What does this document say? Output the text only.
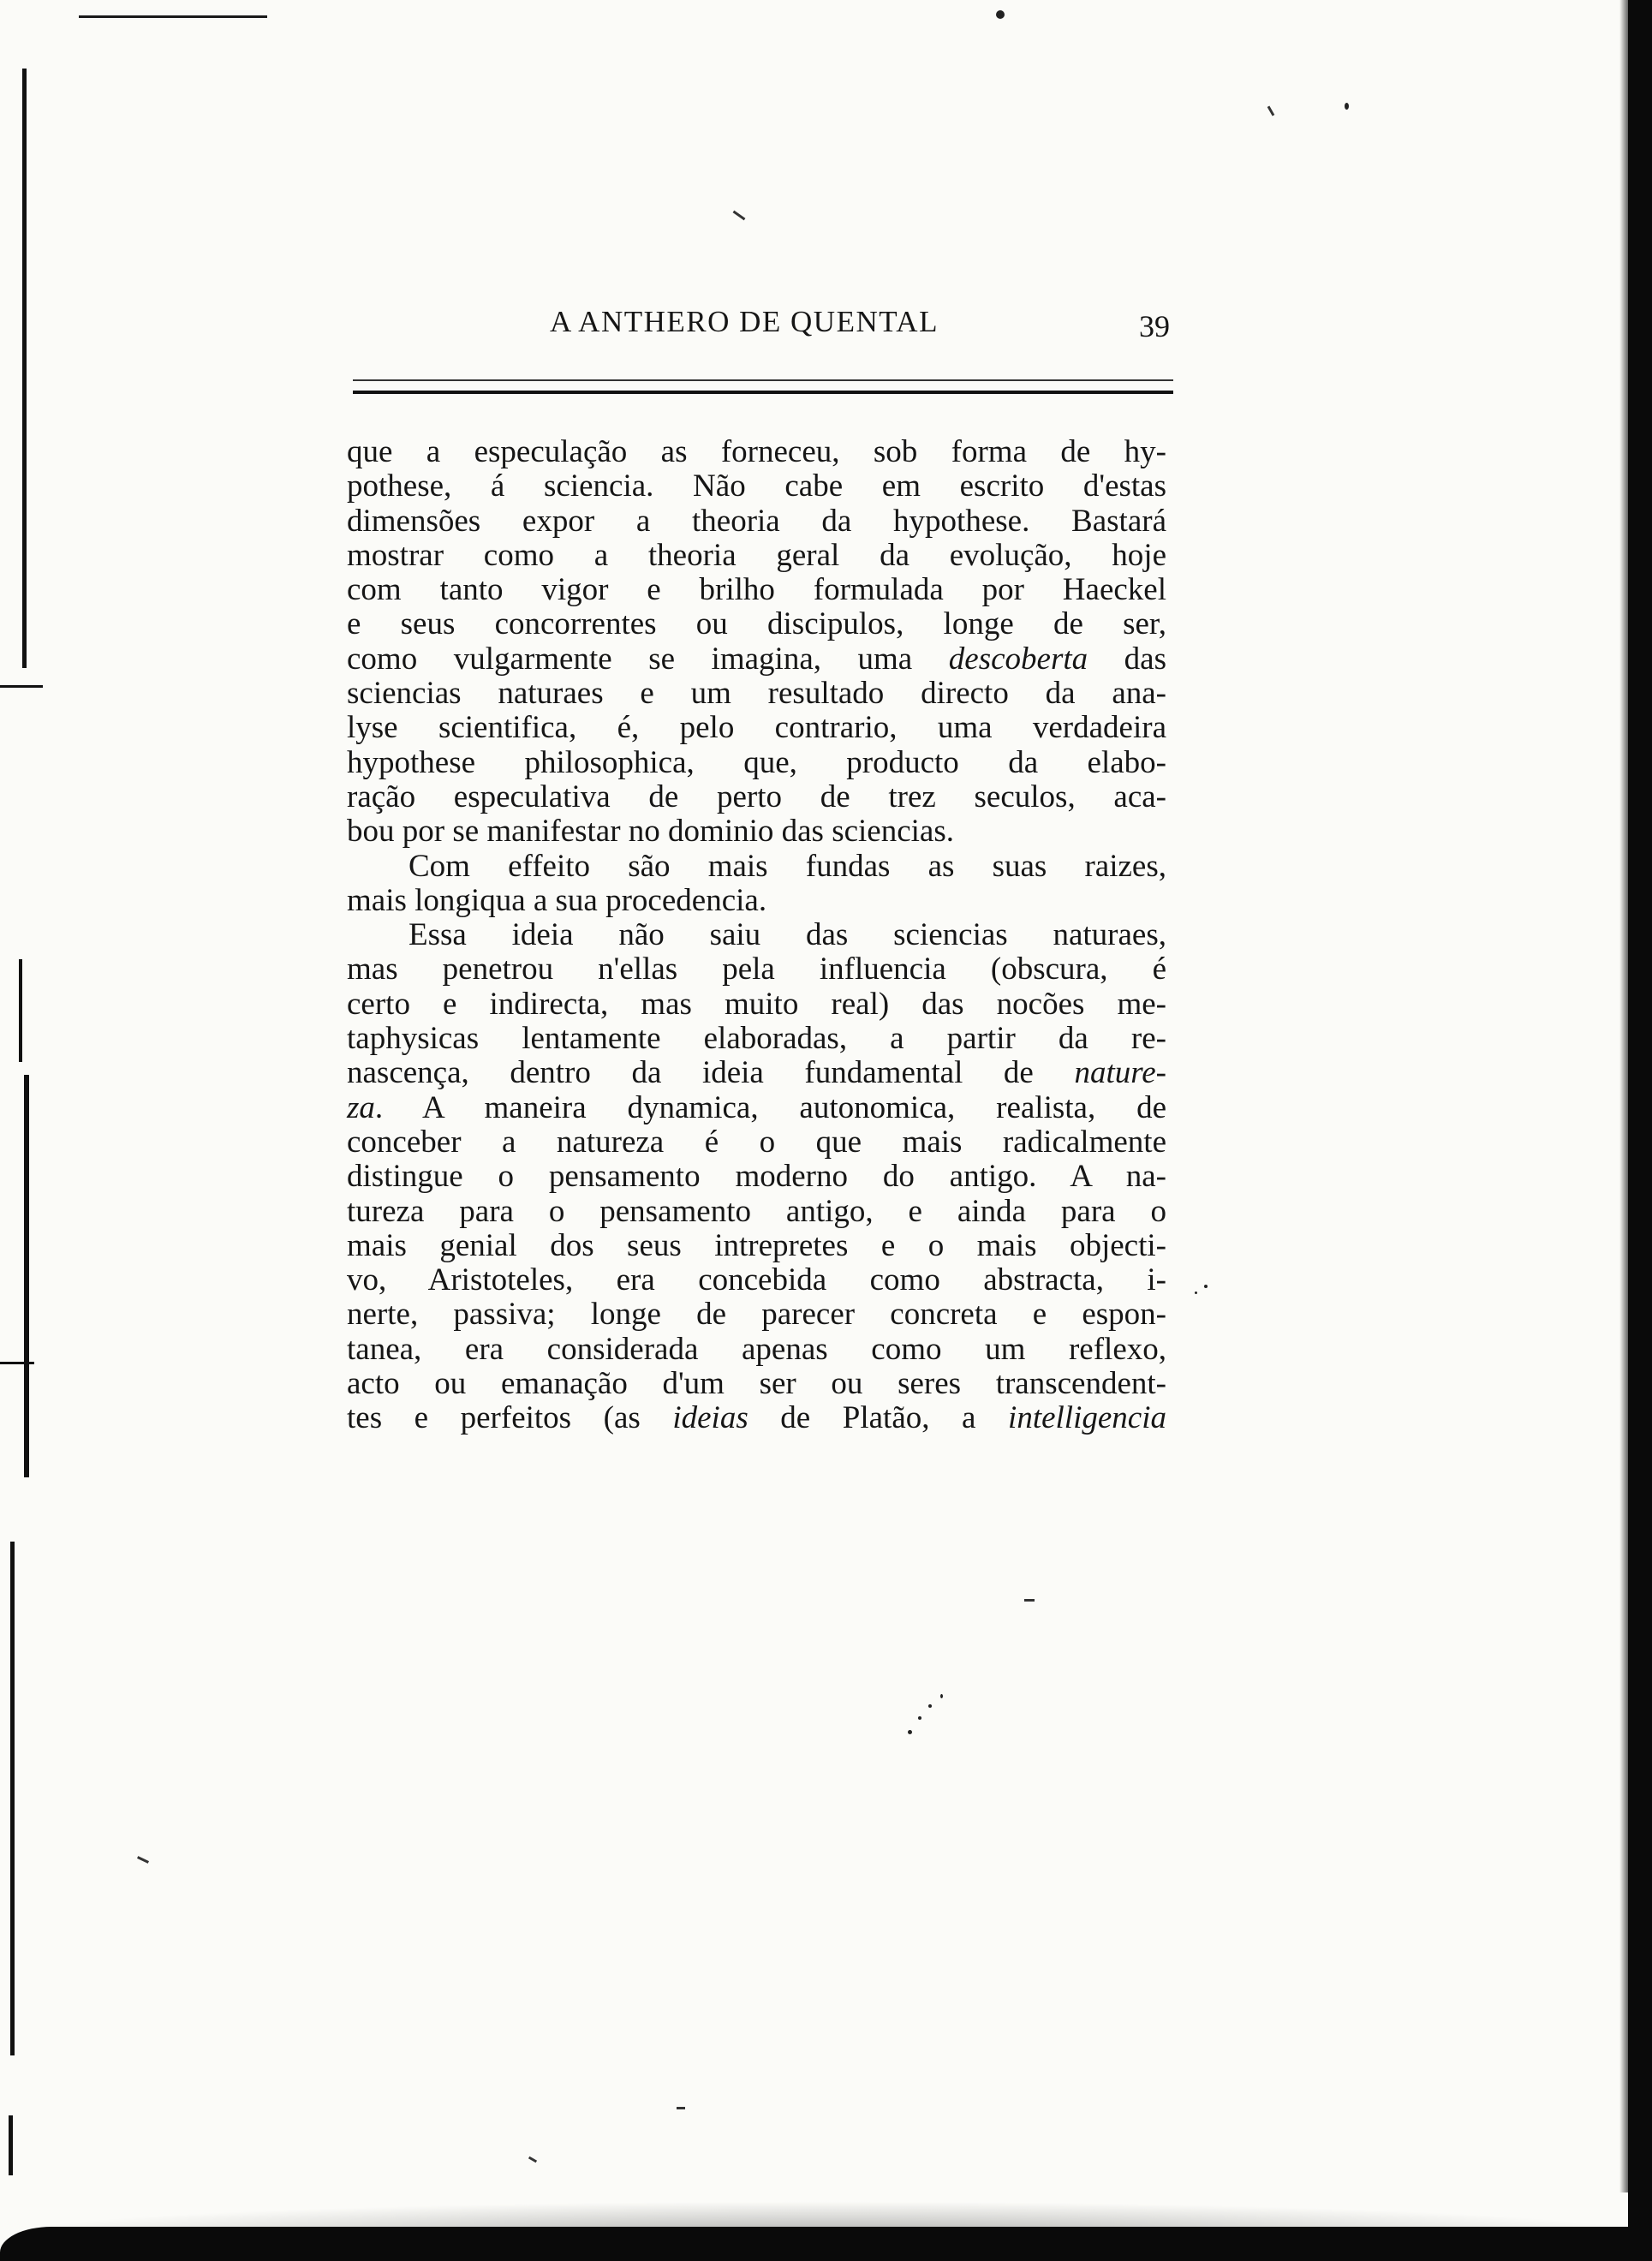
A ANTHERO DE QUENTAL	39
que a especulação as forneceu, sob forma de hy-
pothese, á sciencia. Não cabe em escrito d'estas
dimensões expor a theoria da hypothese. Bastará
mostrar como a theoria geral da evolução, hoje
com tanto vigor e brilho formulada por Haeckel
e seus concorrentes ou discipulos, longe de ser,
como vulgarmente se imagina, uma descoberta das
sciencias naturaes e um resultado directo da ana-
lyse scientifica, é, pelo contrario, uma verdadeira
hypothese philosophica, que, producto da elabo-
ração especulativa de perto de trez seculos, aca-
bou por se manifestar no dominio das sciencias.
Com effeito são mais fundas as suas raizes,
mais longiqua a sua procedencia.
Essa ideia não saiu das sciencias naturaes,
mas penetrou n'ellas pela influencia (obscura, é
certo e indirecta, mas muito real) das nocões me-
taphysicas lentamente elaboradas, a partir da re-
nascença, dentro da ideia fundamental de nature-
za. A maneira dynamica, autonomica, realista, de
conceber a natureza é o que mais radicalmente
distingue o pensamento moderno do antigo. A na-
tureza para o pensamento antigo, e ainda para o
mais genial dos seus intrepretes e o mais objecti-
vo, Aristoteles, era concebida como abstracta, i-
nerte, passiva; longe de parecer concreta e espon-
tanea, era considerada apenas como um reflexo,
acto ou emanação d'um ser ou seres transcendent-
tes e perfeitos (as ideias de Platão, a intelligencia
